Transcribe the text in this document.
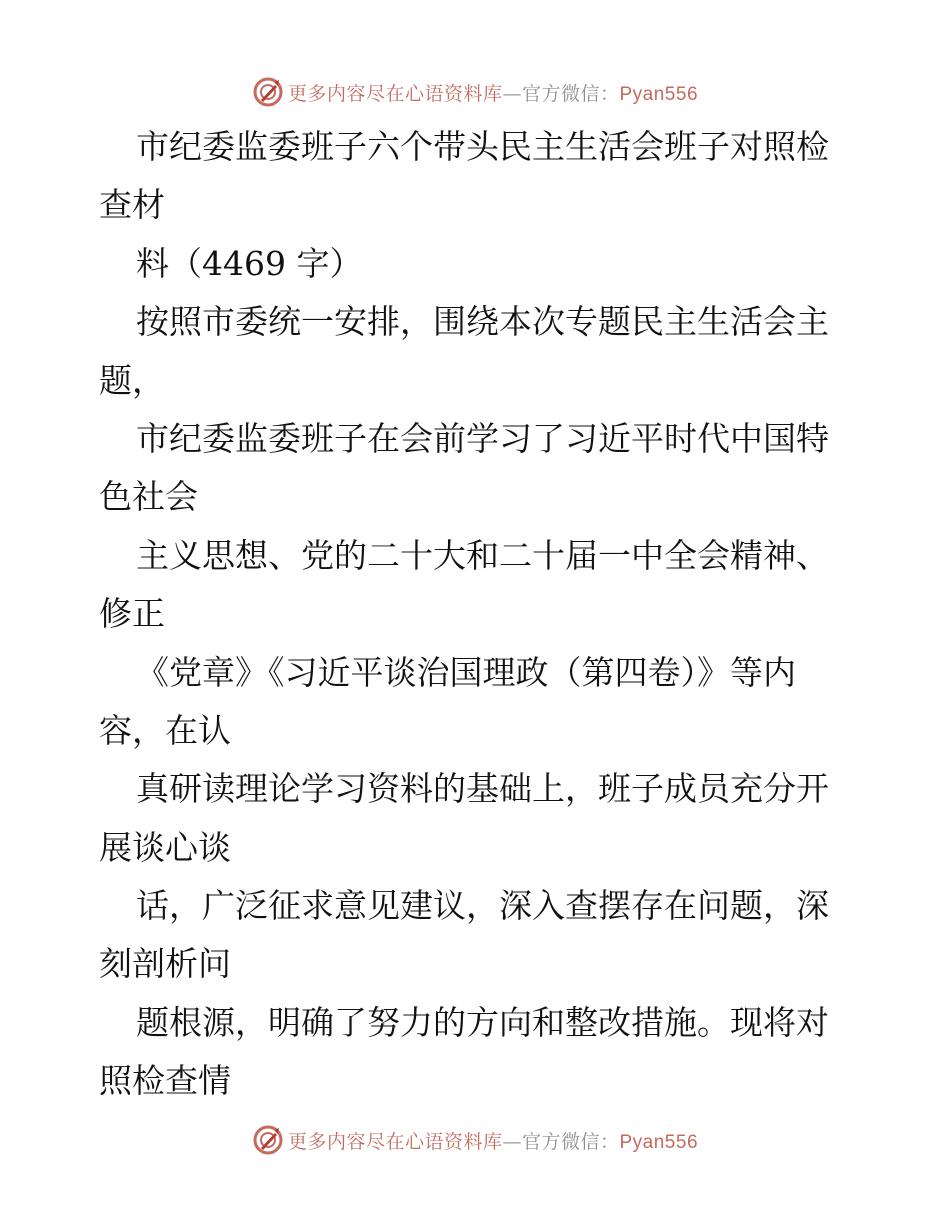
更多内容尽在心语资料库—官方微信：Pyan556
市纪委监委班子六个带头民主生活会班子对照检
查材
料（4469 字）
按照市委统一安排，围绕本次专题民主生活会主
题，
市纪委监委班子在会前学习了习近平时代中国特
色社会
主义思想、党的二十大和二十届一中全会精神、
修正
《党章》《习近平谈治国理政（第四卷）》等内
容，在认
真研读理论学习资料的基础上，班子成员充分开
展谈心谈
话，广泛征求意见建议，深入查摆存在问题，深
刻剖析问
题根源，明确了努力的方向和整改措施。现将对
照检查情
更多内容尽在心语资料库—官方微信：Pyan556
